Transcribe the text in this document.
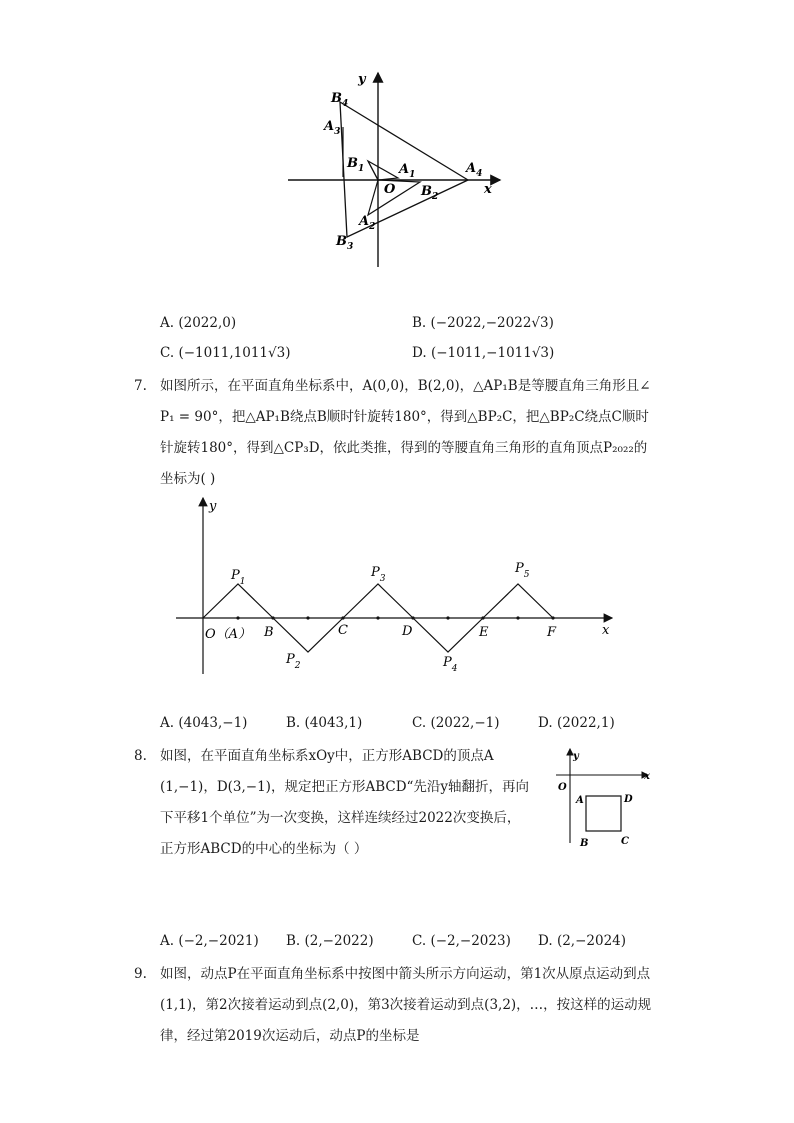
y
x
O
$B_4$
$A_3$
$B_1$	$A_1$	$A_4$
$B_2$
$A_2$
$B_3$
A. (2022,0)	B. (−2022,−2022√3)
C. (−1011,1011√3)	D. (−1011,−1011√3)
7. 如图所示，在平面直角坐标系中，A(0,0)，B(2,0)，△AP₁B是等腰直角三角形且∠
P₁ = 90°，把△AP₁B绕点B顺时针旋转180°，得到△BP₂C，把△BP₂C绕点C顺时
针旋转180°，得到△CP₃D，依此类推，得到的等腰直角三角形的直角顶点P₂₀₂₂的
坐标为( )
y
x
O（A） B	C	D	E	F
$P_1$
$P_3$
$P_5$
$P_2$	$P_4$
A. (4043,−1)	B. (4043,1)	C. (2022,−1)	D. (2022,1)
8. 如图，在平面直角坐标系xOy中，正方形ABCD的顶点A
(1,−1)，D(3,−1)，规定把正方形ABCD“先沿y轴翻折，再向
下平移1个单位”为一次变换，这样连续经过2022次变换后，
正方形ABCD的中心的坐标为（ ）
y
x
O
A	D
B	C
A. (−2,−2021) B. (2,−2022)	C. (−2,−2023) D. (2,−2024)
9. 如图，动点P在平面直角坐标系中按图中箭头所示方向运动，第1次从原点运动到点
(1,1)，第2次接着运动到点(2,0)，第3次接着运动到点(3,2)，…，按这样的运动规
律，经过第2019次运动后，动点P的坐标是
